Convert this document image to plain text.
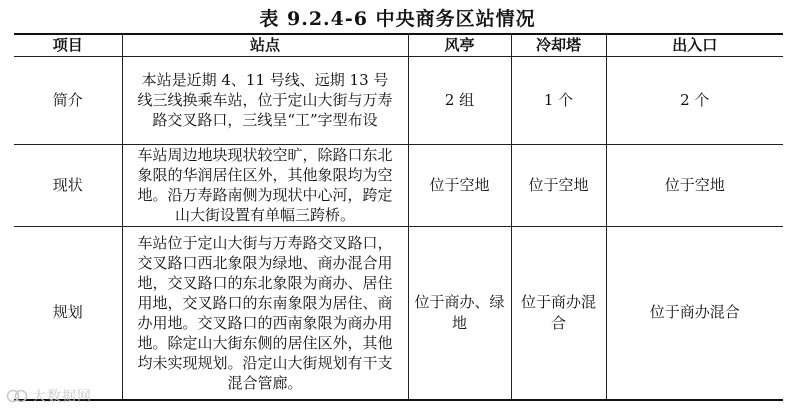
表 9.2.4-6 中央商务区站情况
项目	站点	风亭	冷却塔	出入口
简介	本站是近期 4、11 号线、远期 13 号线三线换乘车站，位于定山大街与万寿路交叉路口，三线呈“工”字型布设	2 组	1 个	2 个
现状	车站周边地块现状较空旷，除路口东北象限的华润居住区外，其他象限均为空地。沿万寿路南侧为现状中心河，跨定山大街设置有单幅三跨桥。	位于空地	位于空地	位于空地
规划	车站位于定山大街与万寿路交叉路口，交叉路口西北象限为绿地、商办混合用地，交叉路口的东北象限为商办、居住用地，交叉路口的东南象限为居住、商办用地。交叉路口的西南象限为商办用地。除定山大街东侧的居住区外，其他均未实现规划。沿定山大街规划有干支混合管廊。	位于商办、绿地	位于商办混合	位于商办混合
大数据网
